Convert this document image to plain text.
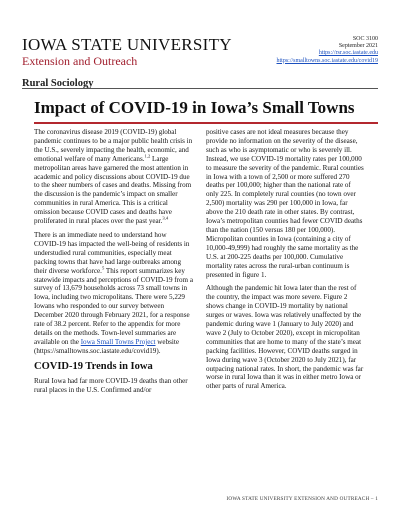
IOWA STATE UNIVERSITY
Extension and Outreach
Rural Sociology
SOC 3100
September 2021
https://rsr.soc.iastate.edu
https://smalltowns.soc.iastate.edu/covid19
Impact of COVID-19 in Iowa’s Small Towns

The coronavirus disease 2019 (COVID-19) global pandemic continues to be a major public health crisis in the U.S., severely impacting the health, economic, and emotional welfare of many Americans.$^{1,2}$ Large metropolitan areas have garnered the most attention in academic and policy discussions about COVID-19 due to the sheer numbers of cases and deaths. Missing from the discussion is the pandemic’s impact on smaller communities in rural America. This is a critical omission because COVID cases and deaths have proliferated in rural places over the past year.$^{3,4}$

There is an immediate need to understand how COVID-19 has impacted the well-being of residents in understudied rural communities, especially meat packing towns that have had large outbreaks among their diverse workforce.$^5$ This report summarizes key statewide impacts and perceptions of COVID-19 from a survey of 13,679 households across 73 small towns in Iowa, including two micropolitans. There were 5,229 Iowans who responded to our survey between December 2020 through February 2021, for a response rate of 38.2 percent. Refer to the appendix for more details on the methods. Town-level summaries are available on the Iowa Small Towns Project website (https://smalltowns.soc.iastate.edu/covid19).

COVID-19 Trends in Iowa

Rural Iowa had far more COVID-19 deaths than other rural places in the U.S. Confirmed and/or

positive cases are not ideal measures because they provide no information on the severity of the disease, such as who is asymptomatic or who is severely ill. Instead, we use COVID-19 mortality rates per 100,000 to measure the severity of the pandemic. Rural counties in Iowa with a town of 2,500 or more suffered 270 deaths per 100,000; higher than the national rate of only 225. In completely rural counties (no town over 2,500) mortality was 290 per 100,000 in Iowa, far above the 210 death rate in other states. By contrast, Iowa’s metropolitan counties had fewer COVID deaths than the nation (150 versus 180 per 100,000). Micropolitan counties in Iowa (containing a city of 10,000-49,999) had roughly the same mortality as the U.S. at 200-225 deaths per 100,000. Cumulative mortality rates across the rural-urban continuum is presented in figure 1.

Although the pandemic hit Iowa later than the rest of the country, the impact was more severe. Figure 2 shows change in COVID-19 mortality by national surges or waves. Iowa was relatively unaffected by the pandemic during wave 1 (January to July 2020) and wave 2 (July to October 2020), except in micropolitan communities that are home to many of the state’s meat packing facilities. However, COVID deaths surged in Iowa during wave 3 (October 2020 to July 2021), far outpacing national rates. In short, the pandemic was far worse in rural Iowa than it was in either metro Iowa or other parts of rural America.

IOWA STATE UNIVERSITY EXTENSION AND OUTREACH – 1
